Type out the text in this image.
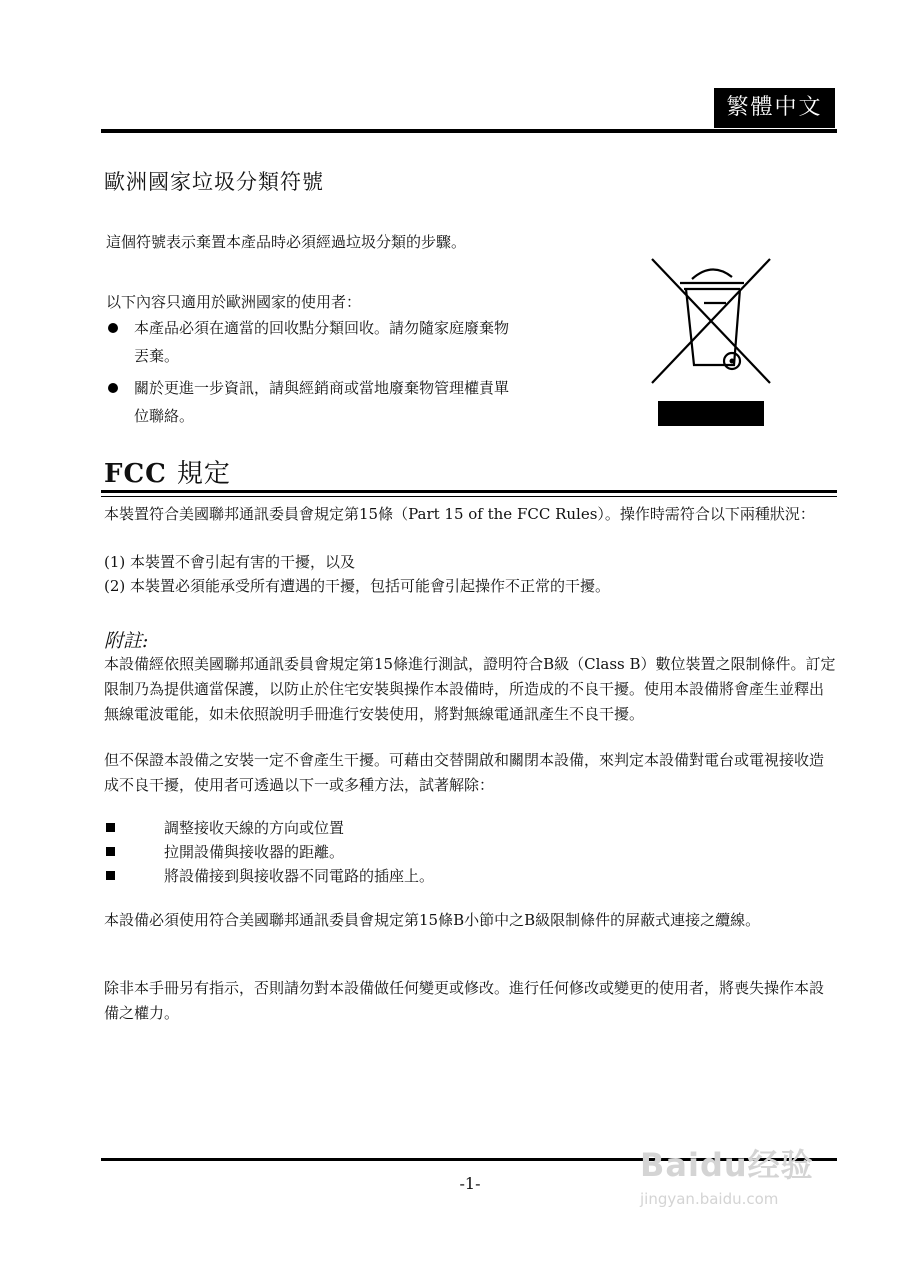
繁體中文
歐洲國家垃圾分類符號
這個符號表示棄置本產品時必須經過垃圾分類的步驟。
以下內容只適用於歐洲國家的使用者：
本產品必須在適當的回收點分類回收。請勿隨家庭廢棄物
丟棄。
關於更進一步資訊，請與經銷商或當地廢棄物管理權責單
位聯絡。
FCC 規定
本裝置符合美國聯邦通訊委員會規定第15條（Part 15 of the FCC Rules）。操作時需符合以下兩種狀況：
(1) 本裝置不會引起有害的干擾，以及
(2) 本裝置必須能承受所有遭遇的干擾，包括可能會引起操作不正常的干擾。
附註:
本設備經依照美國聯邦通訊委員會規定第15條進行測試，證明符合B級（Class B）數位裝置之限制條件。訂定限制乃為提供適當保護，以防止於住宅安裝與操作本設備時，所造成的不良干擾。使用本設備將會產生並釋出無線電波電能，如未依照說明手冊進行安裝使用，將對無線電通訊產生不良干擾。
但不保證本設備之安裝一定不會產生干擾。可藉由交替開啟和關閉本設備，來判定本設備對電台或電視接收造成不良干擾，使用者可透過以下一或多種方法，試著解除：
調整接收天線的方向或位置
拉開設備與接收器的距離。
將設備接到與接收器不同電路的插座上。
本設備必須使用符合美國聯邦通訊委員會規定第15條B小節中之B級限制條件的屏蔽式連接之纜線。
除非本手冊另有指示，否則請勿對本設備做任何變更或修改。進行任何修改或變更的使用者，將喪失操作本設備之權力。
-1-	Baidu经验
jingyan.baidu.com
